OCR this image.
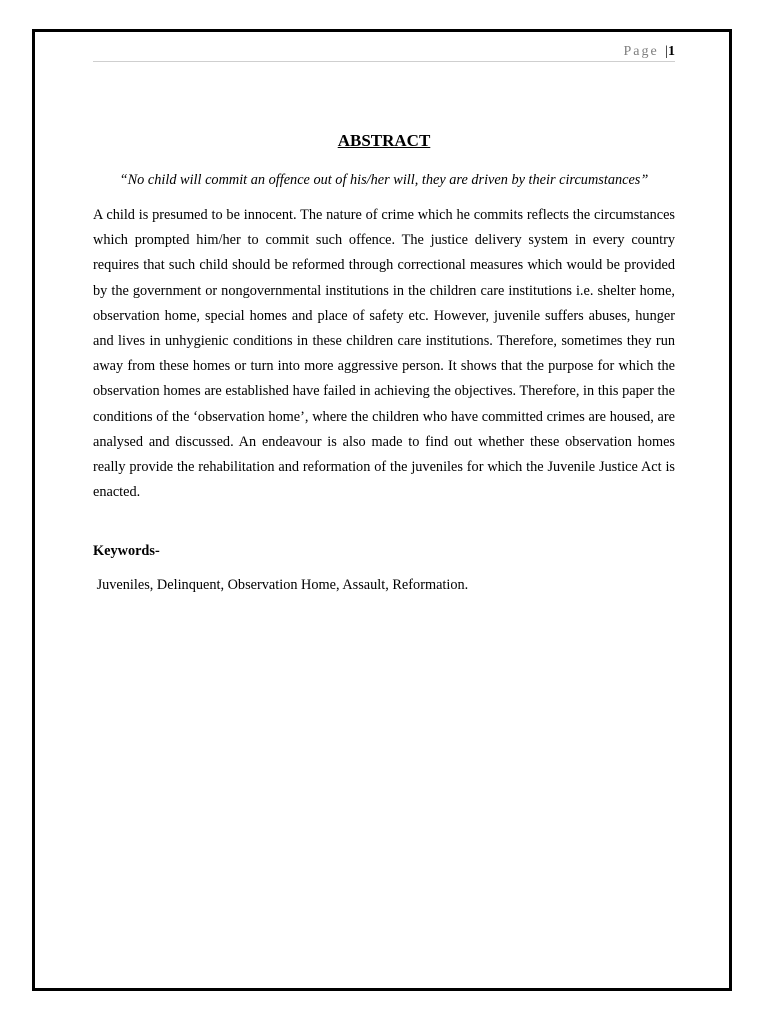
Page |1
ABSTRACT
“No child will commit an offence out of his/her will, they are driven by their circumstances”

A child is presumed to be innocent. The nature of crime which he commits reflects the circumstances which prompted him/her to commit such offence. The justice delivery system in every country requires that such child should be reformed through correctional measures which would be provided by the government or nongovernmental institutions in the children care institutions i.e. shelter home, observation home, special homes and place of safety etc. However, juvenile suffers abuses, hunger and lives in unhygienic conditions in these children care institutions. Therefore, sometimes they run away from these homes or turn into more aggressive person. It shows that the purpose for which the observation homes are established have failed in achieving the objectives. Therefore, in this paper the conditions of the ‘observation home’, where the children who have committed crimes are housed, are analysed and discussed. An endeavour is also made to find out whether these observation homes really provide the rehabilitation and reformation of the juveniles for which the Juvenile Justice Act is enacted.

Keywords-
Juveniles, Delinquent, Observation Home, Assault, Reformation.
